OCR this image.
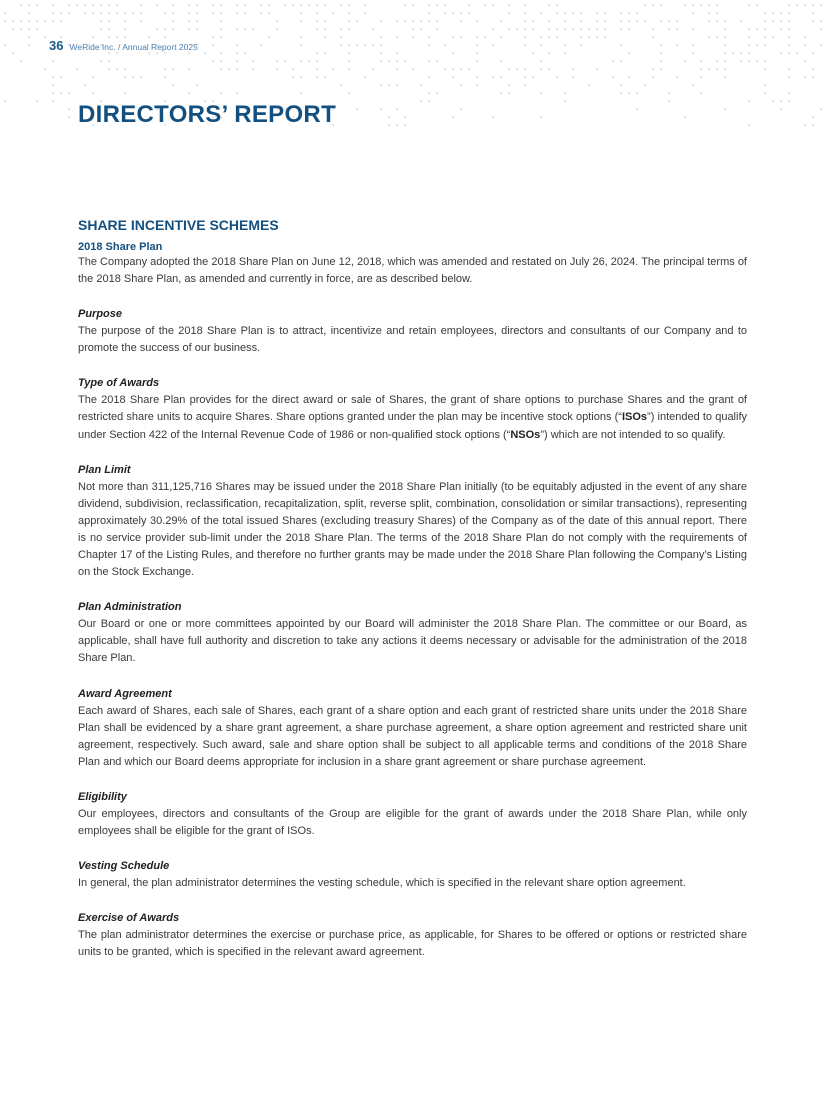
36 WeRide Inc. / Annual Report 2025
DIRECTORS’ REPORT
SHARE INCENTIVE SCHEMES
2018 Share Plan

The Company adopted the 2018 Share Plan on June 12, 2018, which was amended and restated on July 26, 2024. The principal terms of the 2018 Share Plan, as amended and currently in force, are as described below.

Purpose

The purpose of the 2018 Share Plan is to attract, incentivize and retain employees, directors and consultants of our Company and to promote the success of our business.

Type of Awards

The 2018 Share Plan provides for the direct award or sale of Shares, the grant of share options to purchase Shares and the grant of restricted share units to acquire Shares. Share options granted under the plan may be incentive stock options (“ISOs”) intended to qualify under Section 422 of the Internal Revenue Code of 1986 or non-qualified stock options (“NSOs”) which are not intended to so qualify.

Plan Limit

Not more than 311,125,716 Shares may be issued under the 2018 Share Plan initially (to be equitably adjusted in the event of any share dividend, subdivision, reclassification, recapitalization, split, reverse split, combination, consolidation or similar transactions), representing approximately 30.29% of the total issued Shares (excluding treasury Shares) of the Company as of the date of this annual report. There is no service provider sub-limit under the 2018 Share Plan. The terms of the 2018 Share Plan do not comply with the requirements of Chapter 17 of the Listing Rules, and therefore no further grants may be made under the 2018 Share Plan following the Company’s Listing on the Stock Exchange.

Plan Administration

Our Board or one or more committees appointed by our Board will administer the 2018 Share Plan. The committee or our Board, as applicable, shall have full authority and discretion to take any actions it deems necessary or advisable for the administration of the 2018 Share Plan.

Award Agreement

Each award of Shares, each sale of Shares, each grant of a share option and each grant of restricted share units under the 2018 Share Plan shall be evidenced by a share grant agreement, a share purchase agreement, a share option agreement and restricted share unit agreement, respectively. Such award, sale and share option shall be subject to all applicable terms and conditions of the 2018 Share Plan and which our Board deems appropriate for inclusion in a share grant agreement or share purchase agreement.

Eligibility

Our employees, directors and consultants of the Group are eligible for the grant of awards under the 2018 Share Plan, while only employees shall be eligible for the grant of ISOs.

Vesting Schedule

In general, the plan administrator determines the vesting schedule, which is specified in the relevant share option agreement.

Exercise of Awards

The plan administrator determines the exercise or purchase price, as applicable, for Shares to be offered or options or restricted share units to be granted, which is specified in the relevant award agreement.
